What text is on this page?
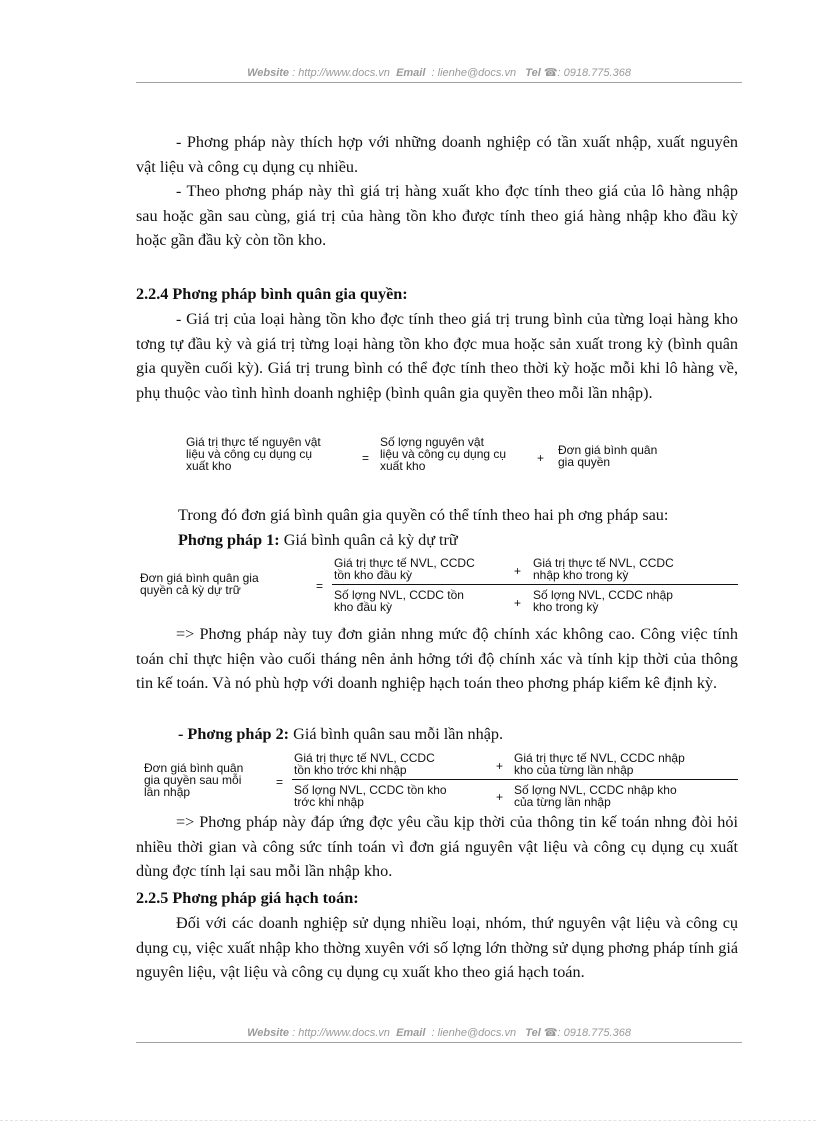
Website : http://www.docs.vn Email : lienhe@docs.vn Tel ☎: 0918.775.368

- Phơng pháp này thích hợp với những doanh nghiệp có tần xuất nhập, xuất nguyên vật liệu và công cụ dụng cụ nhiều.

- Theo phơng pháp này thì giá trị hàng xuất kho đợc tính theo giá của lô hàng nhập sau hoặc gần sau cùng, giá trị của hàng tồn kho được tính theo giá hàng nhập kho đầu kỳ hoặc gần đầu kỳ còn tồn kho.

2.2.4 Phơng pháp bình quân gia quyền:

- Giá trị của loại hàng tồn kho đợc tính theo giá trị trung bình của từng loại hàng kho tơng tự đầu kỳ và giá trị từng loại hàng tồn kho đợc mua hoặc sản xuất trong kỳ (bình quân gia quyền cuối kỳ). Giá trị trung bình có thể đợc tính theo thời kỳ hoặc mỗi khi lô hàng về, phụ thuộc vào tình hình doanh nghiệp (bình quân gia quyền theo mỗi lần nhập).

Giá trị thực tế nguyên vật
liệu và công cụ dụng cụ
xuất kho
=
Số lợng nguyên vật
liệu và công cụ dụng cụ
xuất kho
+
Đơn giá bình quân
gia quyền

Trong đó đơn giá bình quân gia quyền có thể tính theo hai ph ơng pháp sau:

Phơng pháp 1: Giá bình quân cả kỳ dự trữ

Đơn giá bình quân gia
quyền cả kỳ dự trữ	=
Giá trị thực tế NVL, CCDC
tồn kho đầu kỳ	+
Giá trị thực tế NVL, CCDC
nhập kho trong kỳ
Số lợng NVL, CCDC tồn
kho đầu kỳ	+
Số lợng NVL, CCDC nhập
kho trong kỳ

=> Phơng pháp này tuy đơn giản nhng mức độ chính xác không cao. Công việc tính toán chỉ thực hiện vào cuối tháng nên ảnh hởng tới độ chính xác và tính kịp thời của thông tin kế toán. Và nó phù hợp với doanh nghiệp hạch toán theo phơng pháp kiểm kê định kỳ.

- Phơng pháp 2: Giá bình quân sau mỗi lần nhập.

Đơn giá bình quân
gia quyền sau mỗi
lần nhập
=
Giá trị thực tế NVL, CCDC
tồn kho trớc khi nhập	+
Giá trị thực tế NVL, CCDC nhập
kho của từng lần nhập
Số lợng NVL, CCDC tồn kho
trớc khi nhập	+ Số lợng NVL, CCDC nhập kho
của từng lần nhập

=> Phơng pháp này đáp ứng đợc yêu cầu kịp thời của thông tin kế toán nhng đòi hỏi nhiều thời gian và công sức tính toán vì đơn giá nguyên vật liệu và công cụ dụng cụ xuất dùng đợc tính lại sau mỗi lần nhập kho.

2.2.5 Phơng pháp giá hạch toán:

Đối với các doanh nghiệp sử dụng nhiều loại, nhóm, thứ nguyên vật liệu và công cụ dụng cụ, việc xuất nhập kho thờng xuyên với số lợng lớn thờng sử dụng phơng pháp tính giá nguyên liệu, vật liệu và công cụ dụng cụ xuất kho theo giá hạch toán.

Website : http://www.docs.vn Email : lienhe@docs.vn Tel ☎: 0918.775.368
